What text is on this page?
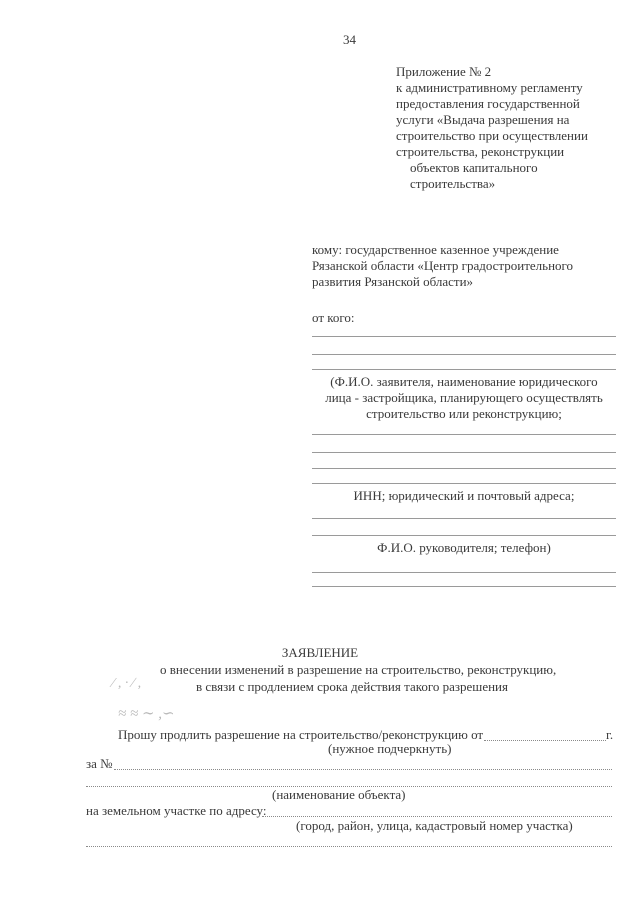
34
Приложение № 2
к административному регламенту
предоставления государственной
услуги «Выдача разрешения на
строительство при осуществлении
строительства, реконструкции
объектов капитального
строительства»
кому: государственное казенное учреждение
Рязанской области «Центр градостроительного
развития Рязанской области»
от кого:
(Ф.И.О. заявителя, наименование юридического
лица - застройщика, планирующего осуществлять
строительство или реконструкцию;
ИНН; юридический и почтовый адреса;
Ф.И.О. руководителя; телефон)
ЗАЯВЛЕНИЕ
о внесении изменений в разрешение на строительство, реконструкцию,
⁄ , · ∕ ,	в связи с продлением срока действия такого разрешения
≈ ≈ ∼ ,∽
Прошу продлить разрешение на строительство/реконструкцию от	г.
(нужное подчеркнуть)
за №
(наименование объекта)
на земельном участке по адресу:
(город, район, улица, кадастровый номер участка)
